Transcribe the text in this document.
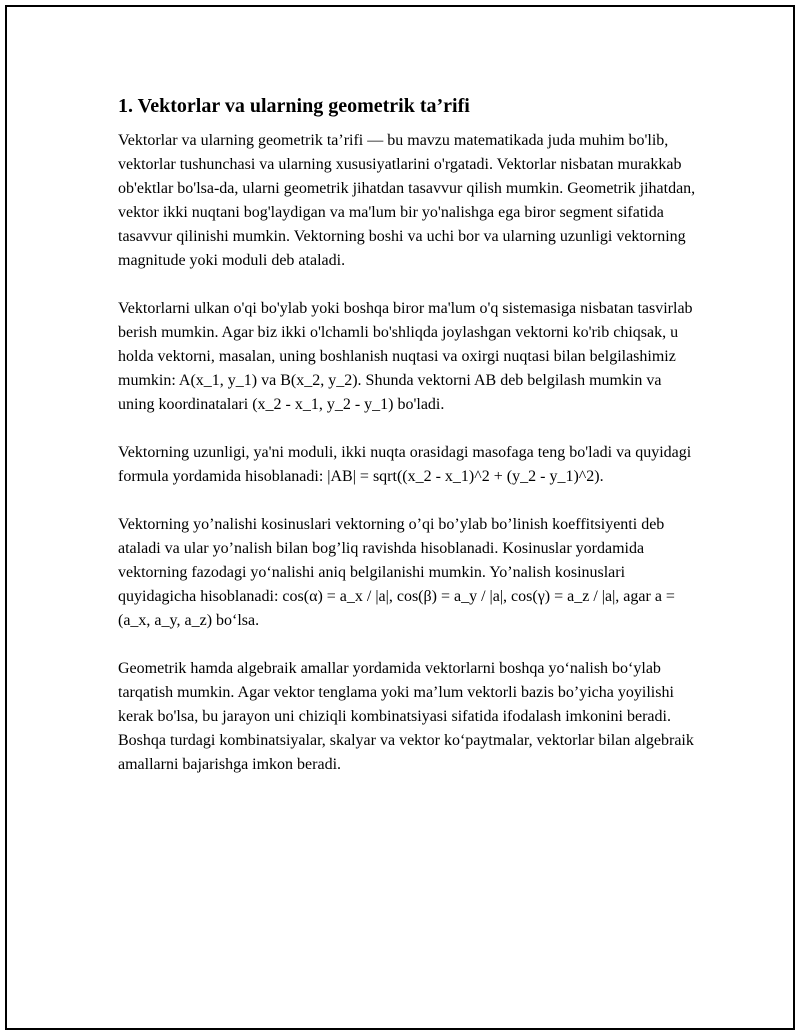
1. Vektorlar va ularning geometrik ta’rifi

Vektorlar va ularning geometrik ta’rifi — bu mavzu matematikada juda muhim bo'lib, vektorlar tushunchasi va ularning xususiyatlarini o'rgatadi. Vektorlar nisbatan murakkab ob'ektlar bo'lsa-da, ularni geometrik jihatdan tasavvur qilish mumkin. Geometrik jihatdan, vektor ikki nuqtani bog'laydigan va ma'lum bir yo'nalishga ega biror segment sifatida tasavvur qilinishi mumkin. Vektorning boshi va uchi bor va ularning uzunligi vektorning magnitude yoki moduli deb ataladi.

Vektorlarni ulkan o'qi bo'ylab yoki boshqa biror ma'lum o'q sistemasiga nisbatan tasvirlab berish mumkin. Agar biz ikki o'lchamli bo'shliqda joylashgan vektorni ko'rib chiqsak, u holda vektorni, masalan, uning boshlanish nuqtasi va oxirgi nuqtasi bilan belgilashimiz mumkin: A(x_1, y_1) va B(x_2, y_2). Shunda vektorni AB deb belgilash mumkin va uning koordinatalari (x_2 - x_1, y_2 - y_1) bo'ladi.

Vektorning uzunligi, ya'ni moduli, ikki nuqta orasidagi masofaga teng bo'ladi va quyidagi formula yordamida hisoblanadi: |AB| = sqrt((x_2 - x_1)^2 + (y_2 - y_1)^2).

Vektorning yo’nalishi kosinuslari vektorning o’qi bo’ylab bo’linish koeffitsiyenti deb ataladi va ular yo’nalish bilan bog’liq ravishda hisoblanadi. Kosinuslar yordamida vektorning fazodagi yo‘nalishi aniq belgilanishi mumkin. Yo’nalish kosinuslari quyidagicha hisoblanadi: cos(α) = a_x / |a|, cos(β) = a_y / |a|, cos(γ) = a_z / |a|, agar a = (a_x, a_y, a_z) bo‘lsa.

Geometrik hamda algebraik amallar yordamida vektorlarni boshqa yo‘nalish bo‘ylab tarqatish mumkin. Agar vektor tenglama yoki ma’lum vektorli bazis bo’yicha yoyilishi kerak bo'lsa, bu jarayon uni chiziqli kombinatsiyasi sifatida ifodalash imkonini beradi. Boshqa turdagi kombinatsiyalar, skalyar va vektor ko‘paytmalar, vektorlar bilan algebraik amallarni bajarishga imkon beradi.
